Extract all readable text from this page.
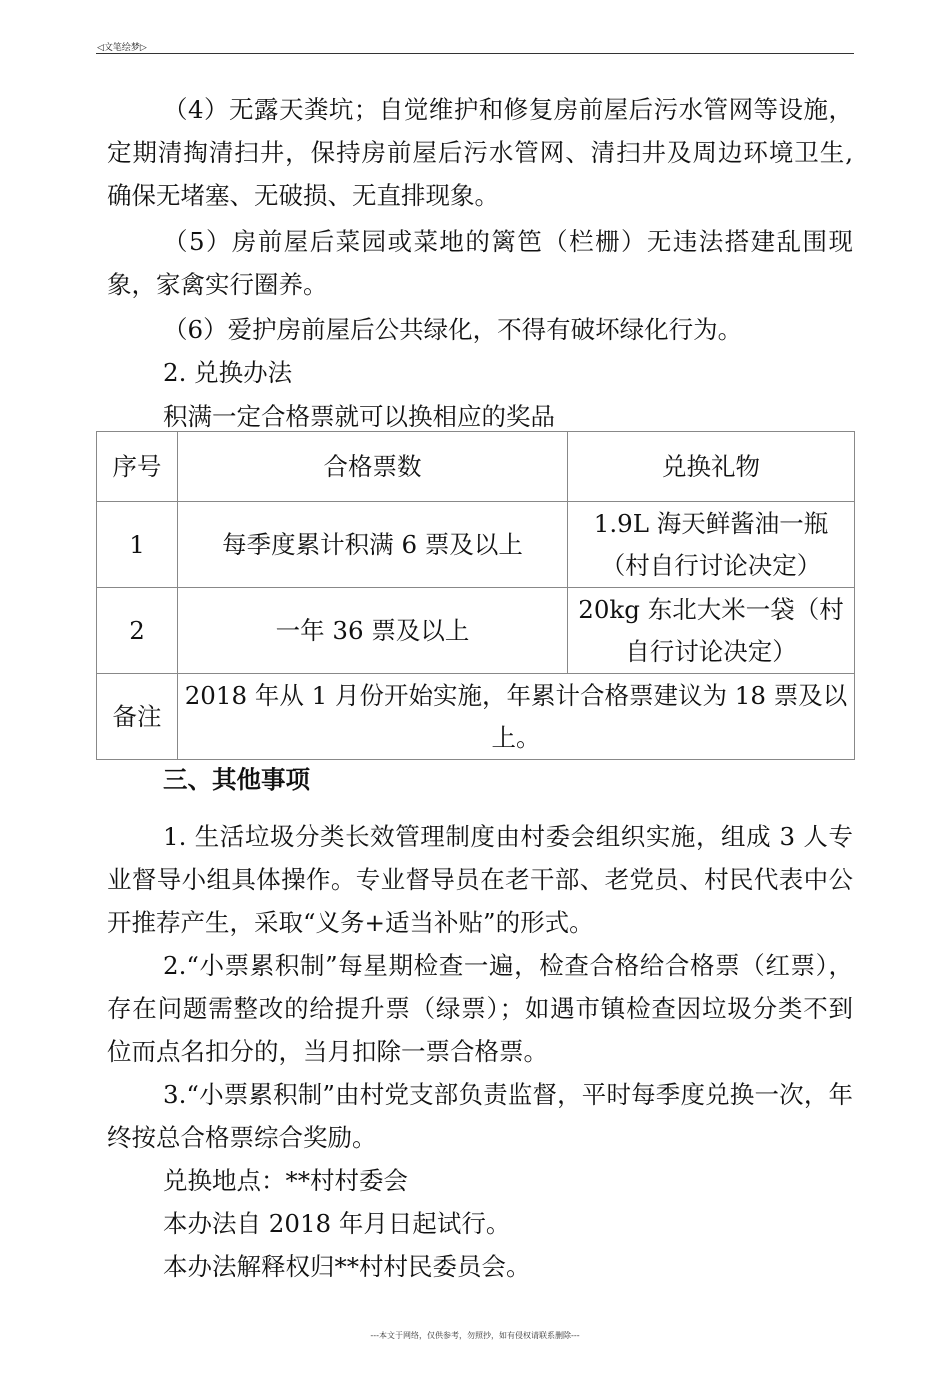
◁文笔绘梦▷

（4）无露天粪坑；自觉维护和修复房前屋后污水管网等设施，定期清掏清扫井，保持房前屋后污水管网、清扫井及周边环境卫生, 确保无堵塞、无破损、无直排现象。

（5）房前屋后菜园或菜地的篱笆（栏栅）无违法搭建乱围现象，家禽实行圈养。

（6）爱护房前屋后公共绿化，不得有破坏绿化行为。

2. 兑换办法

积满一定合格票就可以换相应的奖品

序号	合格票数	兑换礼物
1	每季度累计积满 6 票及以上	1.9L 海天鲜酱油一瓶（村自行讨论决定）
2	一年 36 票及以上	20kg 东北大米一袋（村自行讨论决定）
备注	2018 年从 1 月份开始实施，年累计合格票建议为 18 票及以上。	

三、其他事项

1. 生活垃圾分类长效管理制度由村委会组织实施，组成 3 人专业督导小组具体操作。专业督导员在老干部、老党员、村民代表中公开推荐产生，采取“义务+适当补贴”的形式。

2.“小票累积制”每星期检查一遍，检查合格给合格票（红票），存在问题需整改的给提升票（绿票）；如遇市镇检查因垃圾分类不到位而点名扣分的，当月扣除一票合格票。

3.“小票累积制”由村党支部负责监督，平时每季度兑换一次，年终按总合格票综合奖励。

兑换地点：**村村委会

本办法自 2018 年月日起试行。

本办法解释权归**村村民委员会。

---本文于网络，仅供参考，勿照抄，如有侵权请联系删除---
